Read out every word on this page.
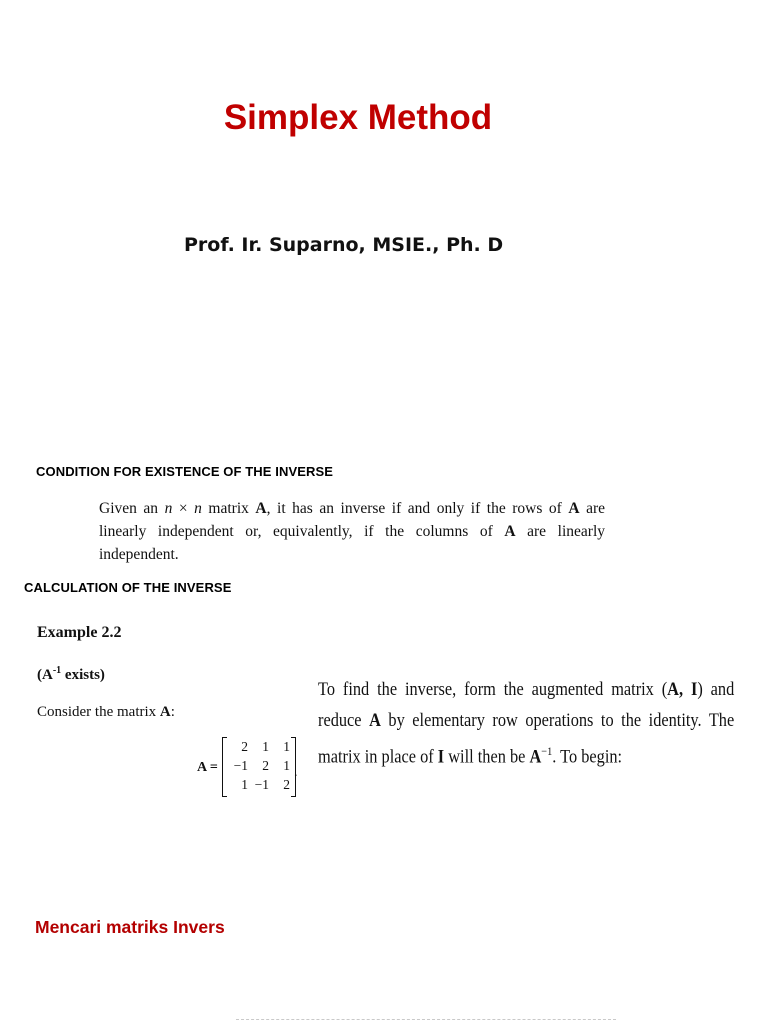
Simplex Method
Prof. Ir. Suparno, MSIE., Ph. D
CONDITION FOR EXISTENCE OF THE INVERSE
Given an n × n matrix A, it has an inverse if and only if the rows of A are linearly independent or, equivalently, if the columns of A are linearly independent.
CALCULATION OF THE INVERSE
Example 2.2
($A^{-1}$ exists)
Consider the matrix A:
A =
2	1	1
−1	2	1
1 −1	2
.
To find the inverse, form the augmented matrix (A, I) and reduce A by elementary row operations to the identity. The matrix in place of I will then be $A^{-1}$. To begin:
Mencari matriks Invers
